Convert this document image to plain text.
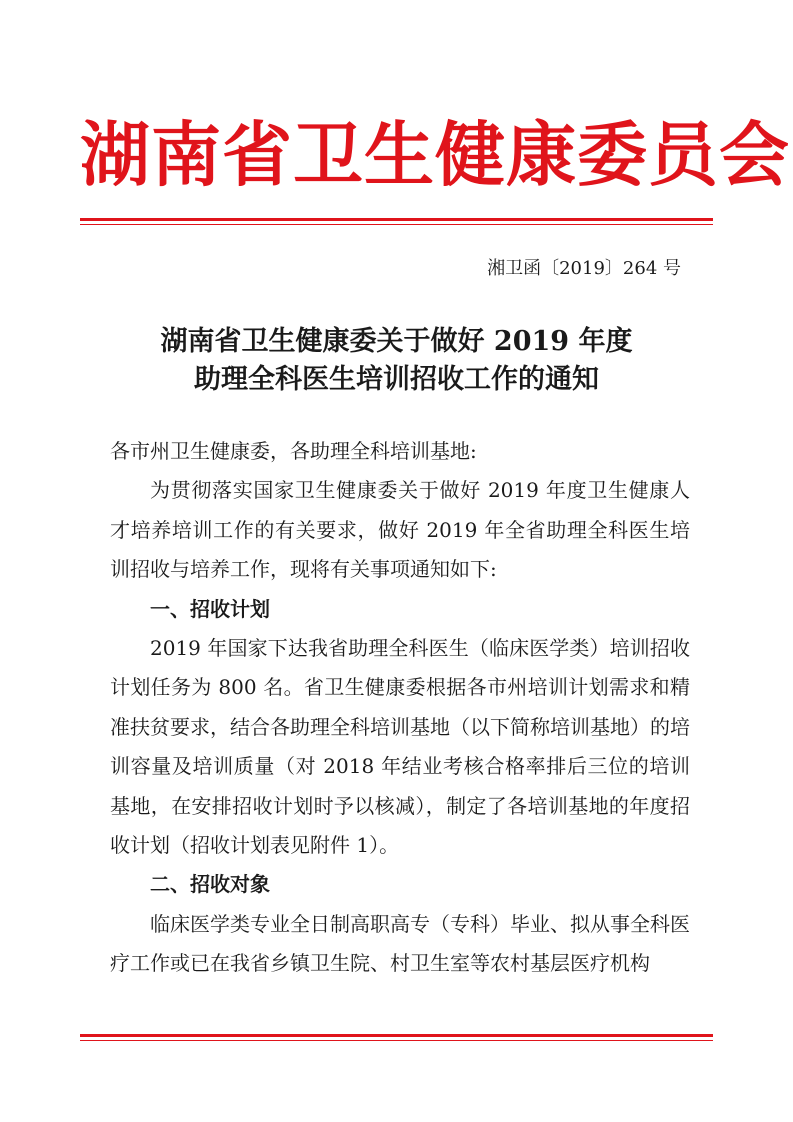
湖南省卫生健康委员会
湘卫函〔2019〕264 号
湖南省卫生健康委关于做好 2019 年度
助理全科医生培训招收工作的通知

各市州卫生健康委，各助理全科培训基地:

为贯彻落实国家卫生健康委关于做好 2019 年度卫生健康人才培养培训工作的有关要求，做好 2019 年全省助理全科医生培训招收与培养工作，现将有关事项通知如下:

一、招收计划

2019 年国家下达我省助理全科医生（临床医学类）培训招收计划任务为 800 名。省卫生健康委根据各市州培训计划需求和精准扶贫要求，结合各助理全科培训基地（以下简称培训基地）的培训容量及培训质量（对 2018 年结业考核合格率排后三位的培训基地，在安排招收计划时予以核减），制定了各培训基地的年度招收计划（招收计划表见附件 1）。

二、招收对象

临床医学类专业全日制高职高专（专科）毕业、拟从事全科医疗工作或已在我省乡镇卫生院、村卫生室等农村基层医疗机构
